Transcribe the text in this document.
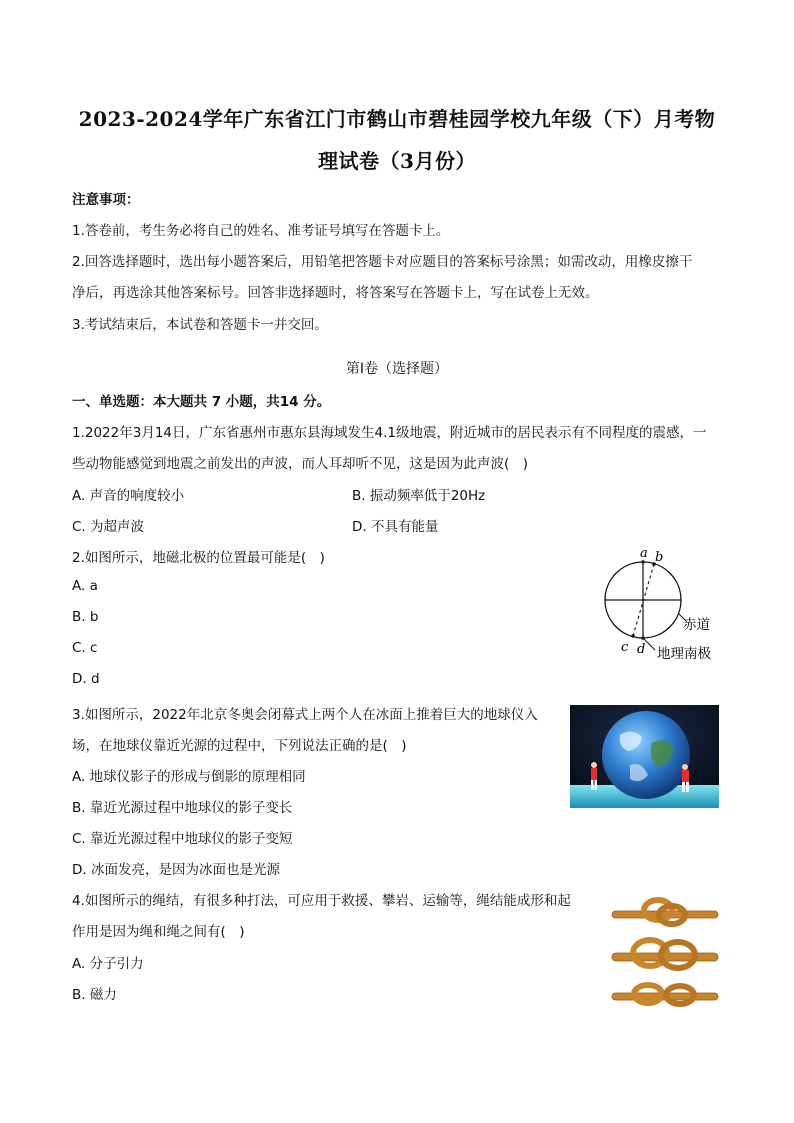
2023-2024学年广东省江门市鹤山市碧桂园学校九年级（下）月考物
理试卷（3月份）
注意事项：
1.答卷前，考生务必将自己的姓名、准考证号填写在答题卡上。
2.回答选择题时，选出每小题答案后，用铅笔把答题卡对应题目的答案标号涂黑；如需改动，用橡皮擦干
净后，再选涂其他答案标号。回答非选择题时，将答案写在答题卡上，写在试卷上无效。
3.考试结束后，本试卷和答题卡一并交回。
第Ⅰ卷（选择题）
一、单选题：本大题共 7 小题，共14 分。
1.2022年3月14日，广东省惠州市惠东县海域发生4.1级地震，附近城市的居民表示有不同程度的震感，一
些动物能感觉到地震之前发出的声波，而人耳却听不见，这是因为此声波(　)
A. 声音的响度较小	B. 振动频率低于20Hz
C. 为超声波	D. 不具有能量
2.如图所示，地磁北极的位置最可能是(　)
A. a
B. b
C. c
D. d
a b
c d
赤道
地理南极
3.如图所示，2022年北京冬奥会闭幕式上两个人在冰面上推着巨大的地球仪入
场，在地球仪靠近光源的过程中，下列说法正确的是(　)
A. 地球仪影子的形成与倒影的原理相同
B. 靠近光源过程中地球仪的影子变长
C. 靠近光源过程中地球仪的影子变短
D. 冰面发亮，是因为冰面也是光源
4.如图所示的绳结，有很多种打法，可应用于救援、攀岩、运输等，绳结能成形和起
作用是因为绳和绳之间有(　)
A. 分子引力
B. 磁力
